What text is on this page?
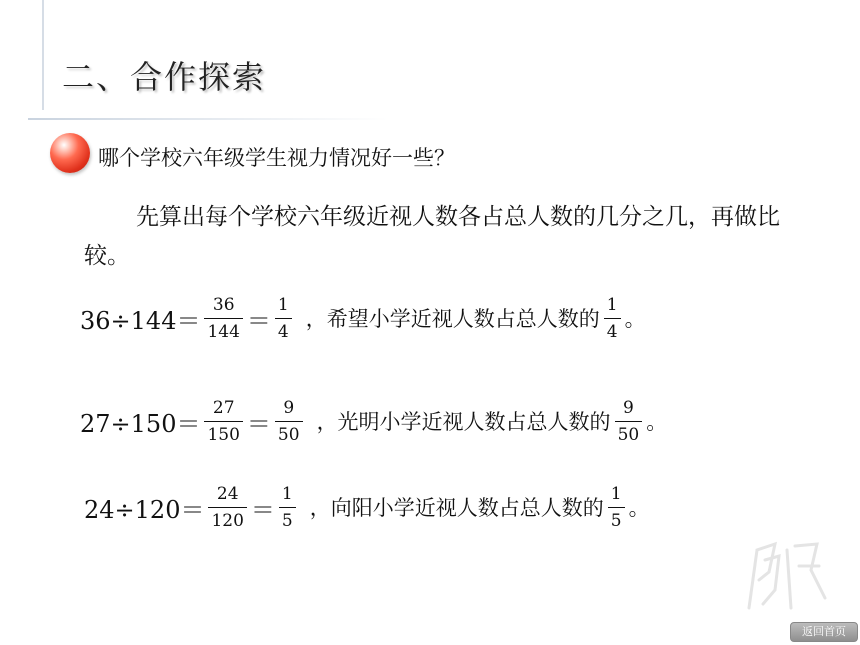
二、合作探索
哪个学校六年级学生视力情况好一些？
先算出每个学校六年级近视人数各占总人数的几分之几，再做比较。
$36\div 144= \frac{36}{144} = \frac{1}{4}$ ，希望小学近视人数占总人数的 $\frac{1}{4}$ 。
$27\div 150= \frac{27}{150} = \frac{9}{50}$ ，光明小学近视人数占总人数的 $\frac{9}{50}$ 。
$24\div 120= \frac{24}{120} = \frac{1}{5}$ ，向阳小学近视人数占总人数的 $\frac{1}{5}$ 。
返回首页
